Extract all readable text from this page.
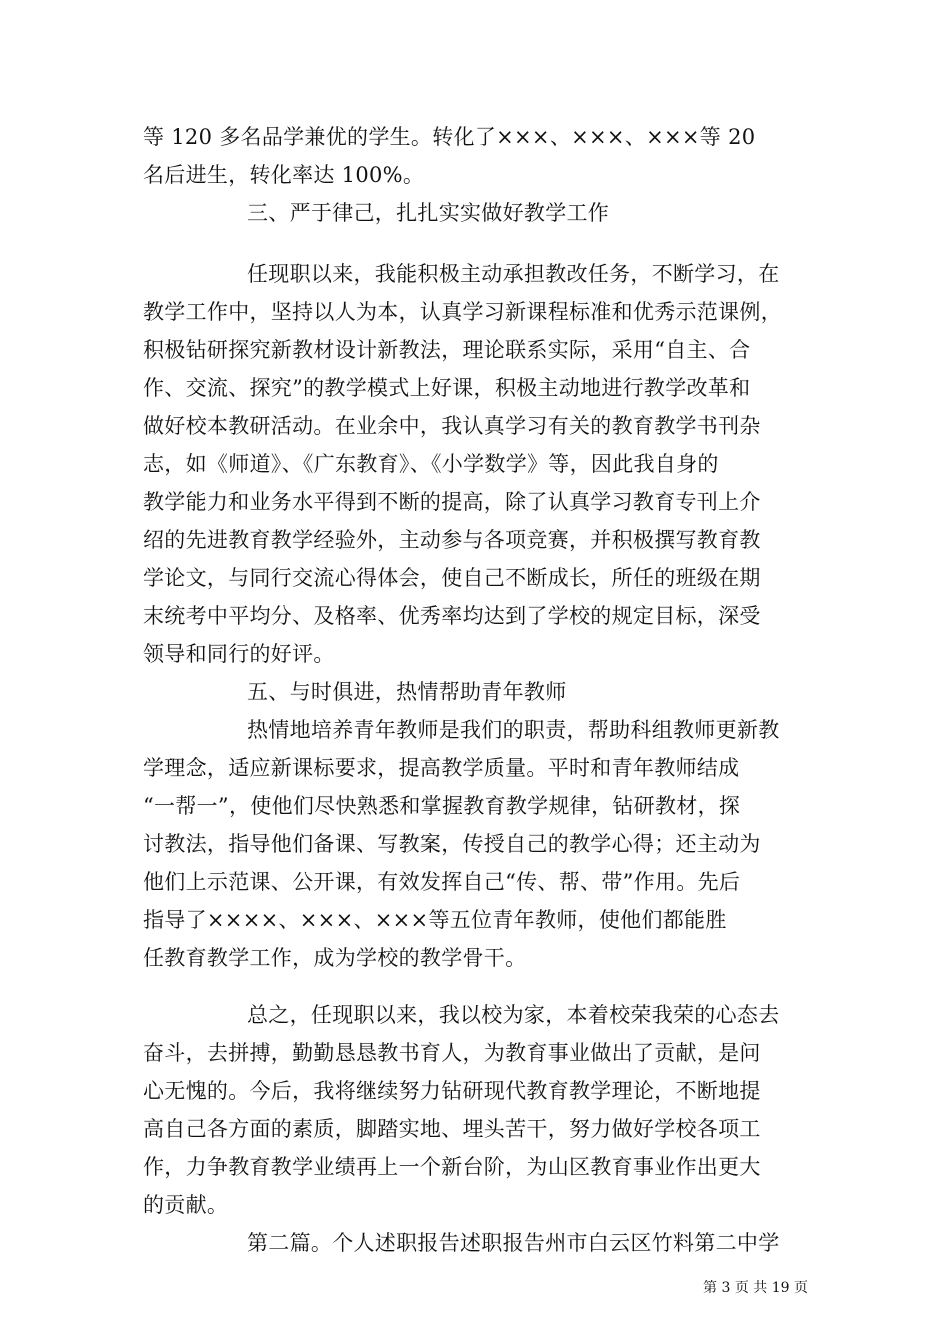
等 120 多名品学兼优的学生。转化了×××、×××、×××等 20
名后进生，转化率达 100%。
三、严于律己，扎扎实实做好教学工作
任现职以来，我能积极主动承担教改任务，不断学习，在
教学工作中，坚持以人为本，认真学习新课程标准和优秀示范课例，
积极钻研探究新教材设计新教法，理论联系实际，采用“自主、合
作、交流、探究”的教学模式上好课，积极主动地进行教学改革和
做好校本教研活动。在业余中，我认真学习有关的教育教学书刊杂
志，如《师道》、《广东教育》、《小学数学》等，因此我自身的
教学能力和业务水平得到不断的提高，除了认真学习教育专刊上介
绍的先进教育教学经验外，主动参与各项竞赛，并积极撰写教育教
学论文，与同行交流心得体会，使自己不断成长，所任的班级在期
末统考中平均分、及格率、优秀率均达到了学校的规定目标，深受
领导和同行的好评。
五、与时俱进，热情帮助青年教师
热情地培养青年教师是我们的职责，帮助科组教师更新教
学理念，适应新课标要求，提高教学质量。平时和青年教师结成
“一帮一”，使他们尽快熟悉和掌握教育教学规律，钻研教材，探
讨教法，指导他们备课、写教案，传授自己的教学心得；还主动为
他们上示范课、公开课，有效发挥自己“传、帮、带”作用。先后
指导了××××、×××、×××等五位青年教师，使他们都能胜
任教育教学工作，成为学校的教学骨干。
总之，任现职以来，我以校为家，本着校荣我荣的心态去
奋斗，去拼搏，勤勤恳恳教书育人，为教育事业做出了贡献，是问
心无愧的。今后，我将继续努力钻研现代教育教学理论，不断地提
高自己各方面的素质，脚踏实地、埋头苦干，努力做好学校各项工
作，力争教育教学业绩再上一个新台阶，为山区教育事业作出更大
的贡献。
第二篇。个人述职报告述职报告州市白云区竹料第二中学
第 3 页 共 19 页
